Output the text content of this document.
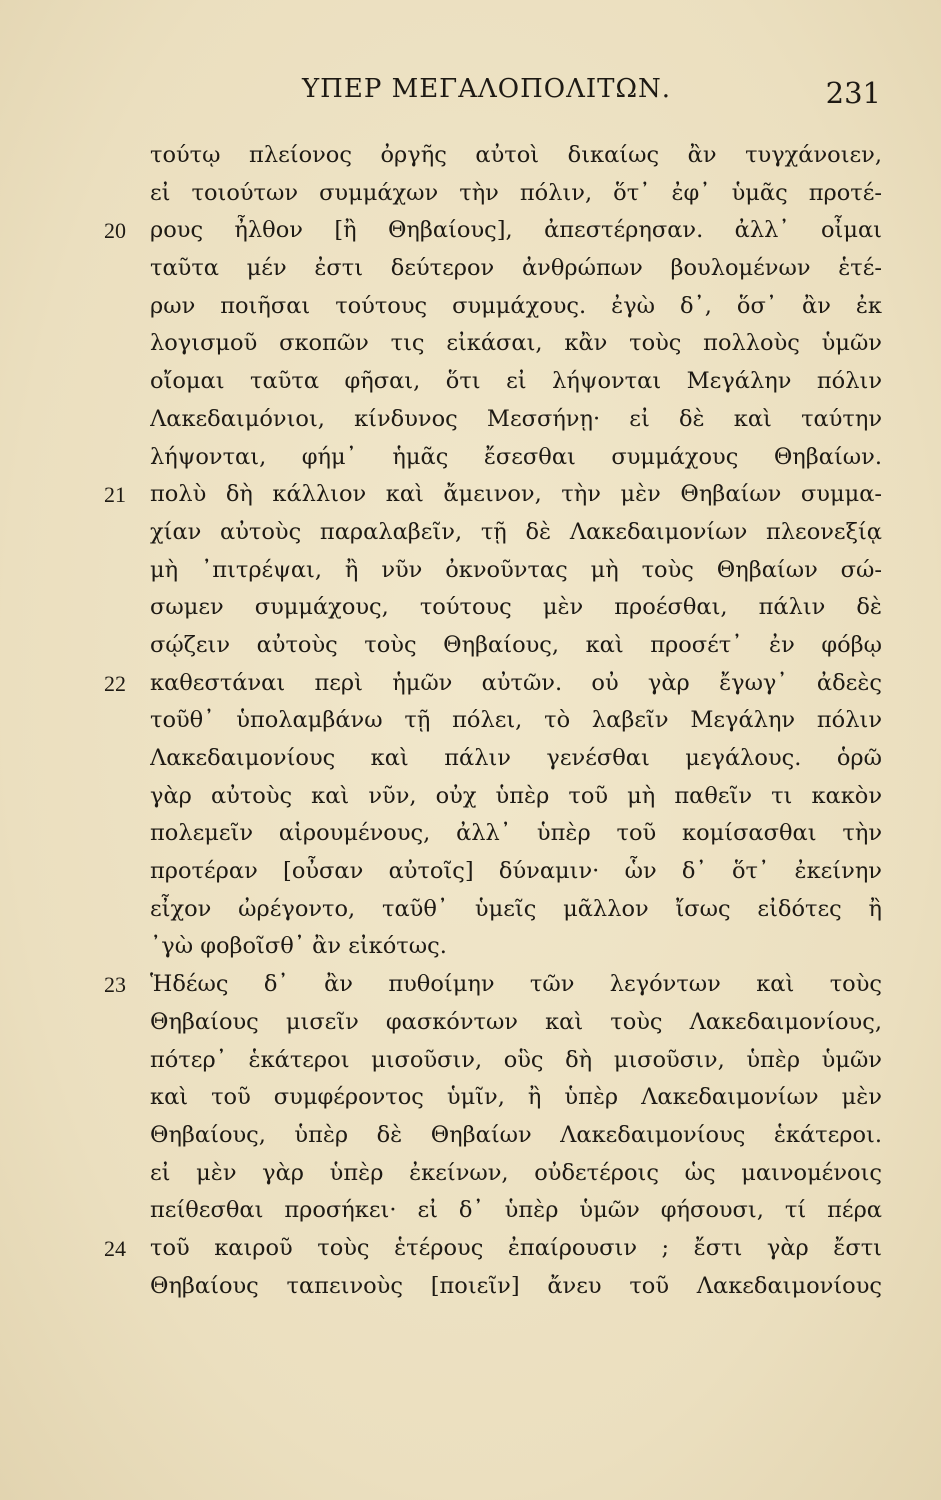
ΥΠΕΡ ΜΕΓΑΛΟΠΟΛΙΤΩΝ.	231
τούτῳ πλείονος ὀργῆς αὐτοὶ δικαίως ἂν τυγχάνοιεν,
εἰ τοιούτων συμμάχων τὴν πόλιν, ὅτ᾽ ἐφ᾽ ὑμᾶς προτέ-
20	ρους ἦλθον [ἢ Θηβαίους], ἀπεστέρησαν. ἀλλ᾽ οἶμαι
ταῦτα μέν ἐστι δεύτερον ἀνθρώπων βουλομένων ἑτέ-
ρων ποιῆσαι τούτους συμμάχους. ἐγὼ δ᾽, ὅσ᾽ ἂν ἐκ
λογισμοῦ σκοπῶν τις εἰκάσαι, κἂν τοὺς πολλοὺς ὑμῶν
οἴομαι ταῦτα φῆσαι, ὅτι εἰ λήψονται Μεγάλην πόλιν
Λακεδαιμόνιοι, κίνδυνος Μεσσήνῃ· εἰ δὲ καὶ ταύτην
λήψονται, φήμ᾽ ἡμᾶς ἔσεσθαι συμμάχους Θηβαίων.
21	πολὺ δὴ κάλλιον καὶ ἄμεινον, τὴν μὲν Θηβαίων συμμα-
χίαν αὐτοὺς παραλαβεῖν, τῇ δὲ Λακεδαιμονίων πλεονεξίᾳ
μὴ ᾽πιτρέψαι, ἢ νῦν ὀκνοῦντας μὴ τοὺς Θηβαίων σώ-
σωμεν συμμάχους, τούτους μὲν προέσθαι, πάλιν δὲ
σῴζειν αὐτοὺς τοὺς Θηβαίους, καὶ προσέτ᾽ ἐν φόβῳ
22	καθεστάναι περὶ ἡμῶν αὐτῶν. οὐ γὰρ ἔγωγ᾽ ἀδεὲς
τοῦθ᾽ ὑπολαμβάνω τῇ πόλει, τὸ λαβεῖν Μεγάλην πόλιν
Λακεδαιμονίους καὶ πάλιν γενέσθαι μεγάλους. ὁρῶ
γὰρ αὐτοὺς καὶ νῦν, οὐχ ὑπὲρ τοῦ μὴ παθεῖν τι κακὸν
πολεμεῖν αἱρουμένους, ἀλλ᾽ ὑπὲρ τοῦ κομίσασθαι τὴν
προτέραν [οὖσαν αὐτοῖς] δύναμιν· ὧν δ᾽ ὅτ᾽ ἐκείνην
εἶχον ὠρέγοντο, ταῦθ᾽ ὑμεῖς μᾶλλον ἴσως εἰδότες ἢ
᾽γὼ φοβοῖσθ᾽ ἂν εἰκότως.
23	Ἡδέως δ᾽ ἂν πυθοίμην τῶν λεγόντων καὶ τοὺς
Θηβαίους μισεῖν φασκόντων καὶ τοὺς Λακεδαιμονίους,
πότερ᾽ ἑκάτεροι μισοῦσιν, οὓς δὴ μισοῦσιν, ὑπὲρ ὑμῶν
καὶ τοῦ συμφέροντος ὑμῖν, ἢ ὑπὲρ Λακεδαιμονίων μὲν
Θηβαίους, ὑπὲρ δὲ Θηβαίων Λακεδαιμονίους ἑκάτεροι.
εἰ μὲν γὰρ ὑπὲρ ἐκείνων, οὐδετέροις ὡς μαινομένοις
πείθεσθαι προσήκει· εἰ δ᾽ ὑπὲρ ὑμῶν φήσουσι, τί πέρα
24	τοῦ καιροῦ τοὺς ἑτέρους ἐπαίρουσιν ; ἔστι γὰρ ἔστι
Θηβαίους ταπεινοὺς [ποιεῖν] ἄνευ τοῦ Λακεδαιμονίους
